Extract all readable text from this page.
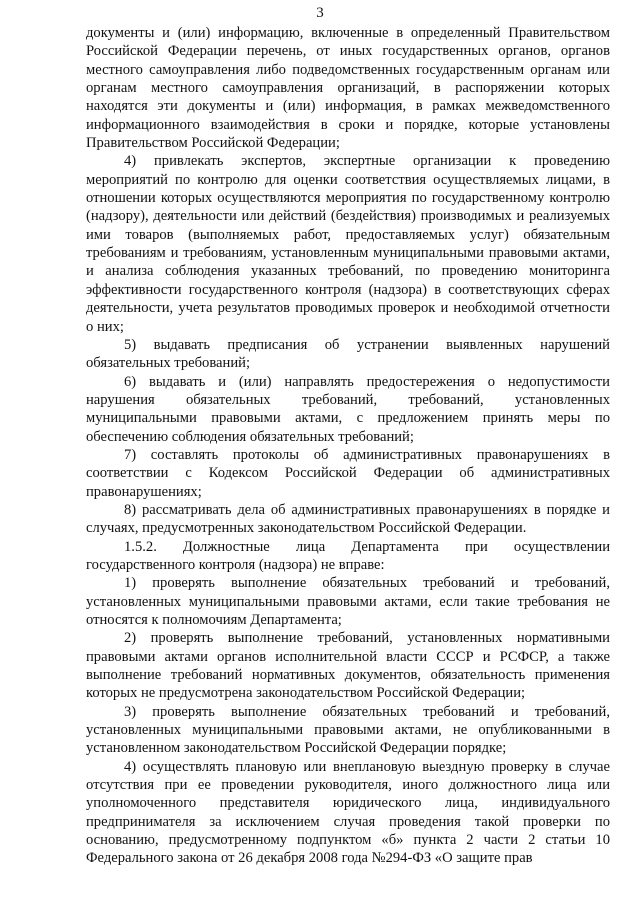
3

документы и (или) информацию, включенные в определенный Правительством Российской Федерации перечень, от иных государственных органов, органов местного самоуправления либо подведомственных государственным органам или органам местного самоуправления организаций, в распоряжении которых находятся эти документы и (или) информация, в рамках межведомственного информационного взаимодействия в сроки и порядке, которые установлены Правительством Российской Федерации;

4) привлекать экспертов, экспертные организации к проведению мероприятий по контролю для оценки соответствия осуществляемых лицами, в отношении которых осуществляются мероприятия по государственному контролю (надзору), деятельности или действий (бездействия) производимых и реализуемых ими товаров (выполняемых работ, предоставляемых услуг) обязательным требованиям и требованиям, установленным муниципальными правовыми актами, и анализа соблюдения указанных требований, по проведению мониторинга эффективности государственного контроля (надзора) в соответствующих сферах деятельности, учета результатов проводимых проверок и необходимой отчетности о них;

5) выдавать предписания об устранении выявленных нарушений обязательных требований;

6) выдавать и (или) направлять предостережения о недопустимости нарушения обязательных требований, требований, установленных муниципальными правовыми актами, с предложением принять меры по обеспечению соблюдения обязательных требований;

7) составлять протоколы об административных правонарушениях в соответствии с Кодексом Российской Федерации об административных правонарушениях;

8) рассматривать дела об административных правонарушениях в порядке и случаях, предусмотренных законодательством Российской Федерации.

1.5.2. Должностные лица Департамента при осуществлении государственного контроля (надзора) не вправе:

1) проверять выполнение обязательных требований и требований, установленных муниципальными правовыми актами, если такие требования не относятся к полномочиям Департамента;

2) проверять выполнение требований, установленных нормативными правовыми актами органов исполнительной власти СССР и РСФСР, а также выполнение требований нормативных документов, обязательность применения которых не предусмотрена законодательством Российской Федерации;

3) проверять выполнение обязательных требований и требований, установленных муниципальными правовыми актами, не опубликованными в установленном законодательством Российской Федерации порядке;

4) осуществлять плановую или внеплановую выездную проверку в случае отсутствия при ее проведении руководителя, иного должностного лица или уполномоченного представителя юридического лица, индивидуального предпринимателя за исключением случая проведения такой проверки по основанию, предусмотренному подпунктом «б» пункта 2 части 2 статьи 10 Федерального закона от 26 декабря 2008 года №294-ФЗ «О защите прав
